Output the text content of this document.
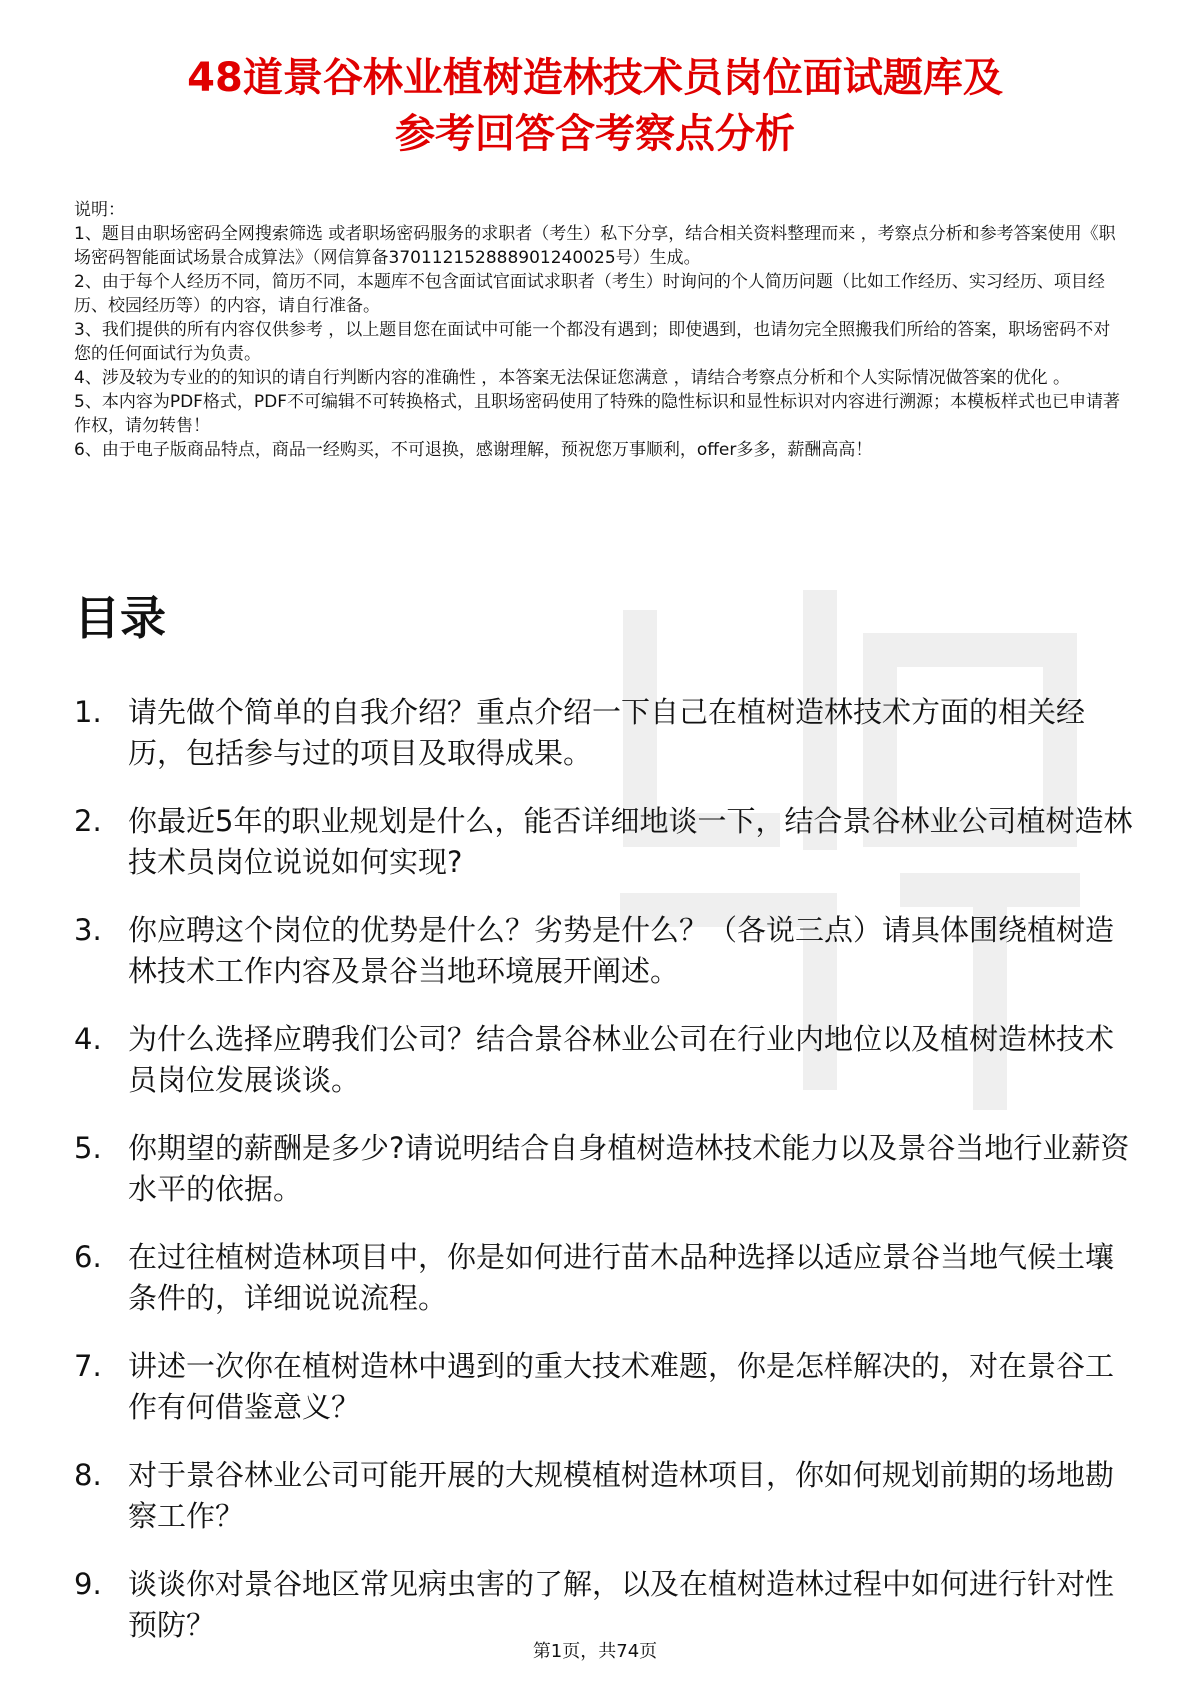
48道景谷林业植树造林技术员岗位面试题库及
参考回答含考察点分析

说明：

1、题目由职场密码全网搜索筛选 或者职场密码服务的求职者（考生）私下分享，结合相关资料整理而来 ，考察点分析和参考答案使用《职场密码智能面试场景合成算法》（网信算备370112152888901240025号）生成。

2、由于每个人经历不同，简历不同，本题库不包含面试官面试求职者（考生）时询问的个人简历问题（比如工作经历、实习经历、项目经历、校园经历等）的内容，请自行准备。

3、我们提供的所有内容仅供参考 ，以上题目您在面试中可能一个都没有遇到；即使遇到，也请勿完全照搬我们所给的答案，职场密码不对您的任何面试行为负责。

4、涉及较为专业的的知识的请自行判断内容的准确性 ，本答案无法保证您满意 ，请结合考察点分析和个人实际情况做答案的优化 。

5、本内容为PDF格式，PDF不可编辑不可转换格式，且职场密码使用了特殊的隐性标识和显性标识对内容进行溯源；本模板样式也已申请著作权，请勿转售！

6、由于电子版商品特点，商品一经购买，不可退换，感谢理解，预祝您万事顺利，offer多多，薪酬高高！

目录
1. 请先做个简单的自我介绍？重点介绍一下自己在植树造林技术方面的相关经历，包括参与过的项目及取得成果。
2. 你最近5年的职业规划是什么，能否详细地谈一下，结合景谷林业公司植树造林技术员岗位说说如何实现?
3. 你应聘这个岗位的优势是什么？劣势是什么？（各说三点）请具体围绕植树造林技术工作内容及景谷当地环境展开阐述。
4. 为什么选择应聘我们公司？结合景谷林业公司在行业内地位以及植树造林技术员岗位发展谈谈。
5. 你期望的薪酬是多少?请说明结合自身植树造林技术能力以及景谷当地行业薪资水平的依据。
6. 在过往植树造林项目中，你是如何进行苗木品种选择以适应景谷当地气候土壤条件的，详细说说流程。
7. 讲述一次你在植树造林中遇到的重大技术难题，你是怎样解决的，对在景谷工作有何借鉴意义？
8. 对于景谷林业公司可能开展的大规模植树造林项目，你如何规划前期的场地勘察工作？
9. 谈谈你对景谷地区常见病虫害的了解，以及在植树造林过程中如何进行针对性预防？
第1页，共74页
